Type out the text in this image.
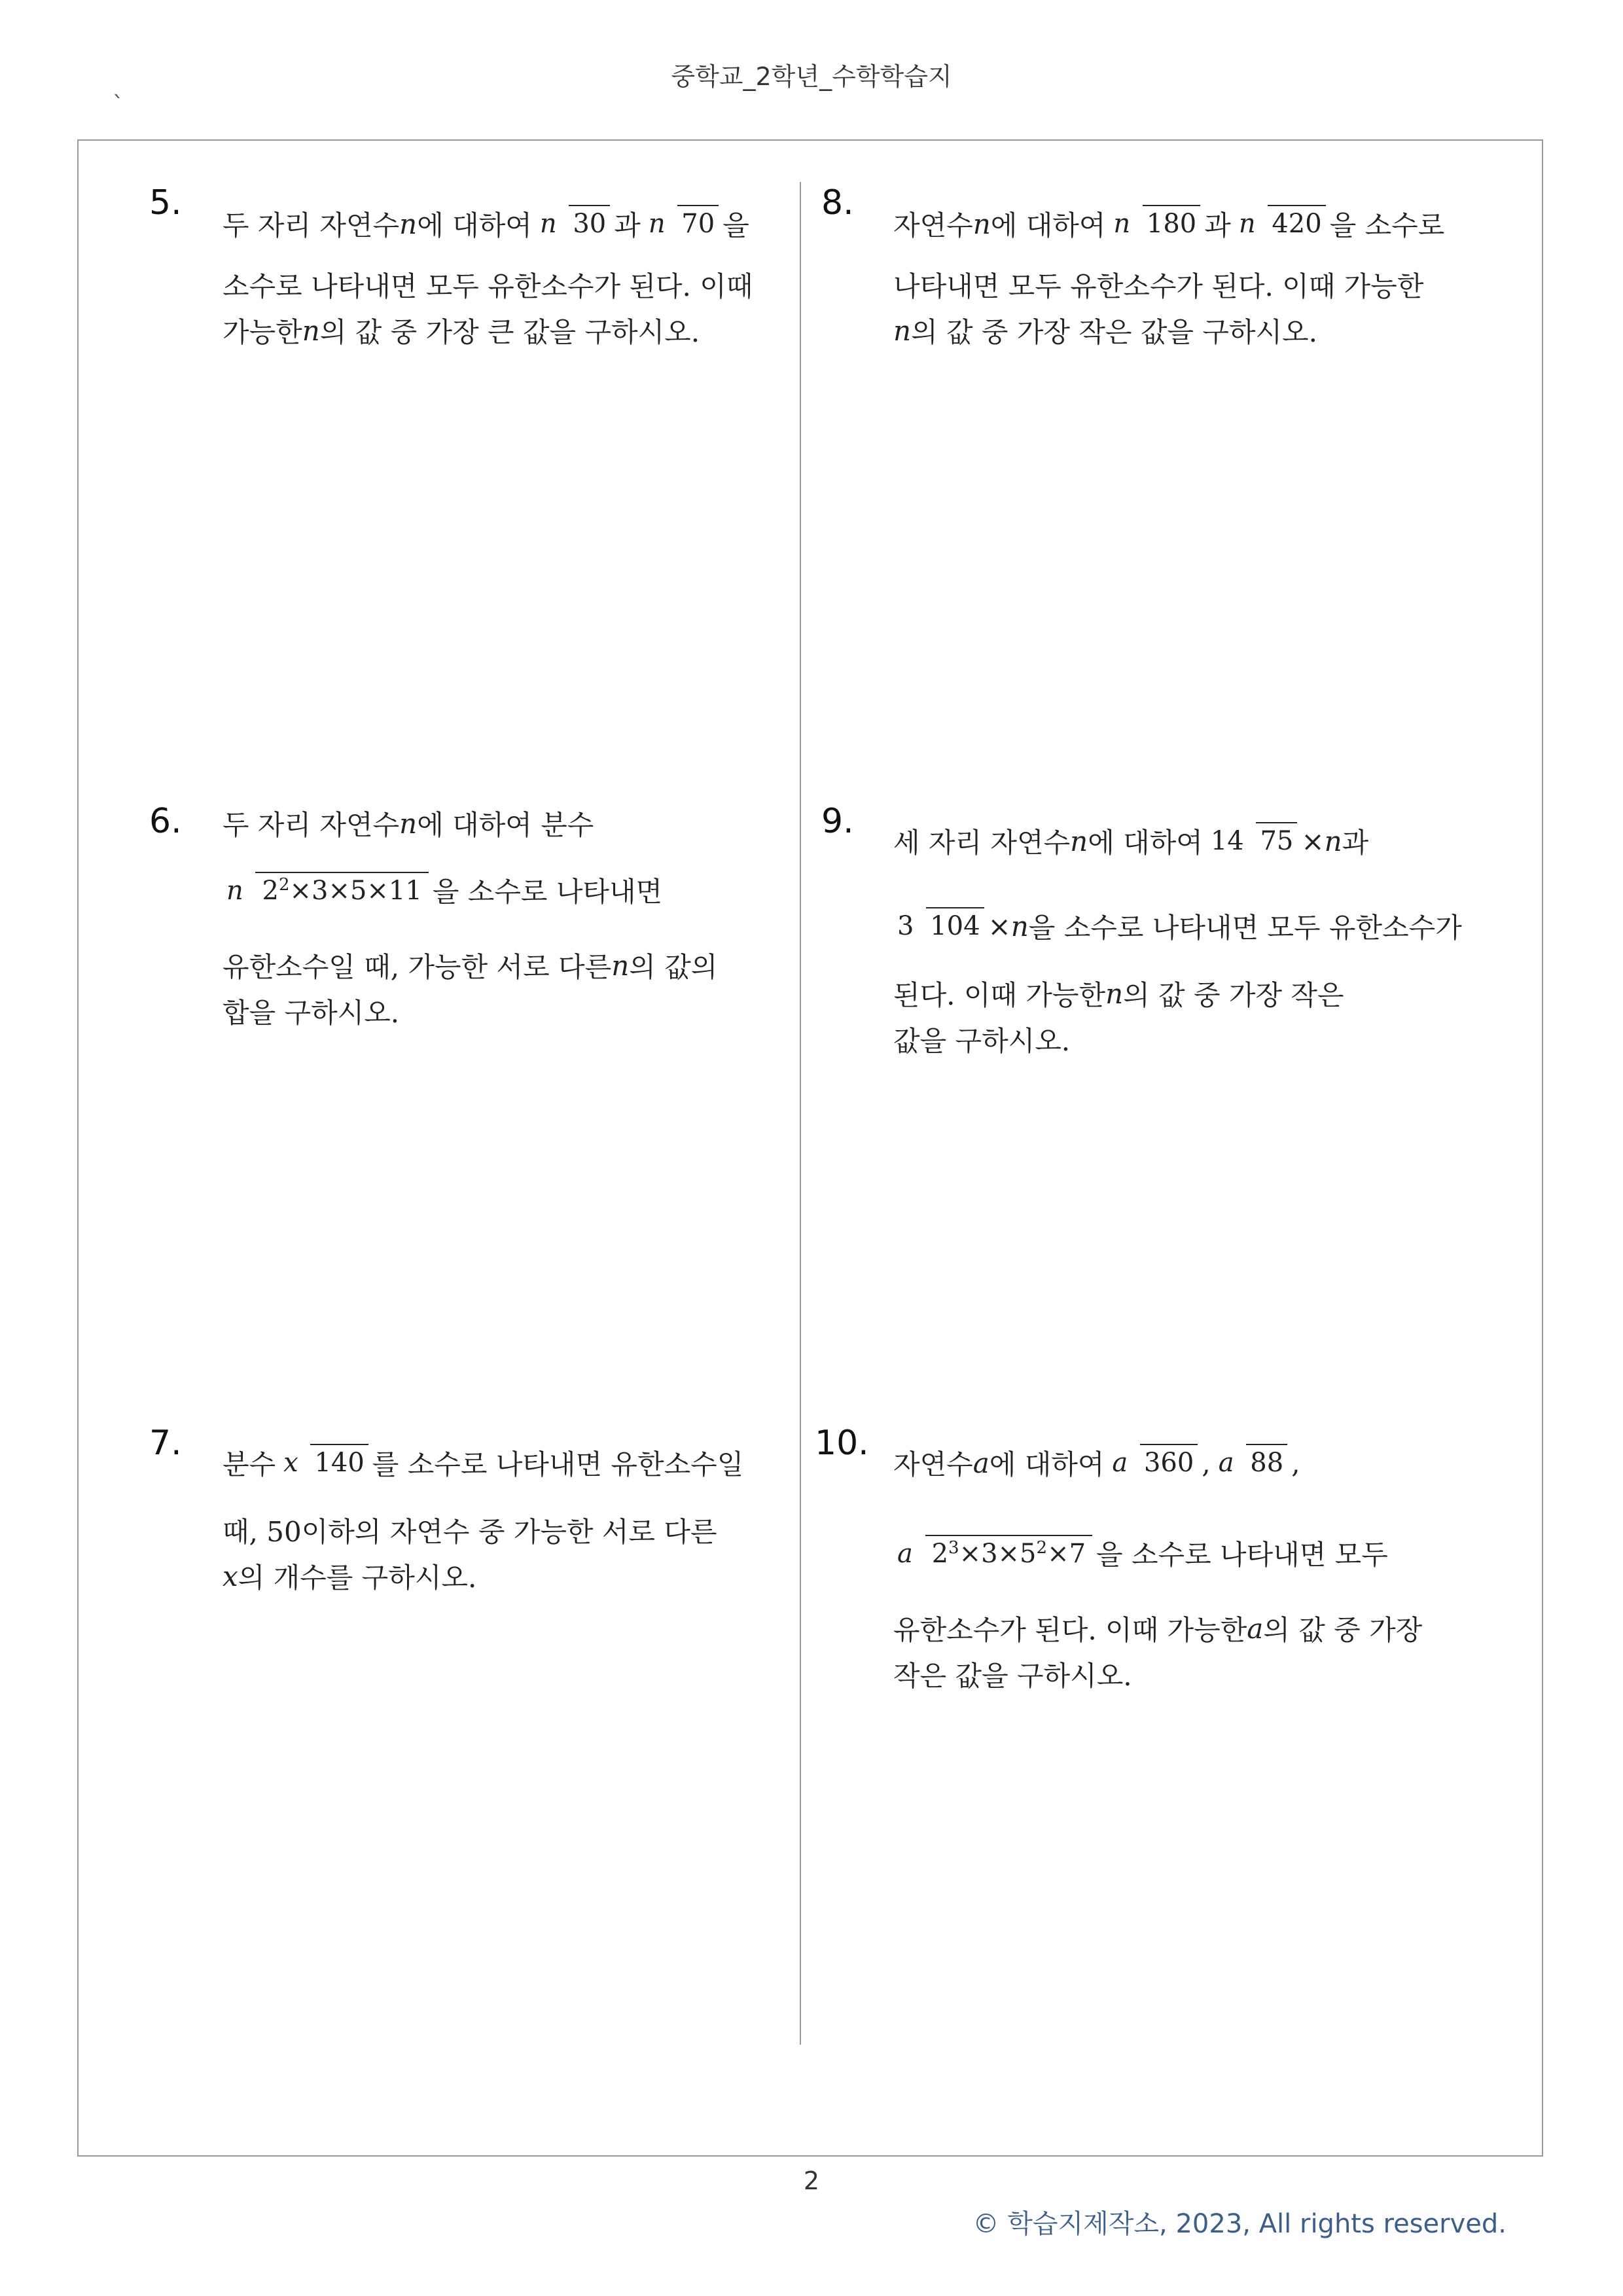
중학교_2학년_수학학습지
`
5.
두 자리 자연수 n 에 대하여 n 30 과 n 70 을
소수로 나타내면 모두 유한소수가 된다. 이때
가능한 n 의 값 중 가장 큰 값을 구하시오.
8.
자연수 n 에 대하여 n 180 과 n 420 을 소수로
나타내면 모두 유한소수가 된다. 이때 가능한
n 의 값 중 가장 작은 값을 구하시오.
6. 두 자리 자연수 n 에 대하여 분수
n $2^2\times 3\times 5\times 11$ 을 소수로 나타내면
유한소수일 때, 가능한 서로 다른 n 의 값의
합을 구하시오.
9.
세 자리 자연수 n 에 대하여 14 75 × n 과
3 104 × n 을 소수로 나타내면 모두 유한소수가
된다. 이때 가능한 n 의 값 중 가장 작은
값을 구하시오.
7.
분수 x 140 를 소수로 나타내면 유한소수일
때, 50이하의 자연수 중 가능한 서로 다른
x 의 개수를 구하시오.
10.
자연수 a 에 대하여 a 360 , a 88 ,
a $2^3\times 3\times 5^2\times 7$ 을 소수로 나타내면 모두
유한소수가 된다. 이때 가능한 a 의 값 중 가장
작은 값을 구하시오.
2
© 학습지제작소, 2023, All rights reserved.
